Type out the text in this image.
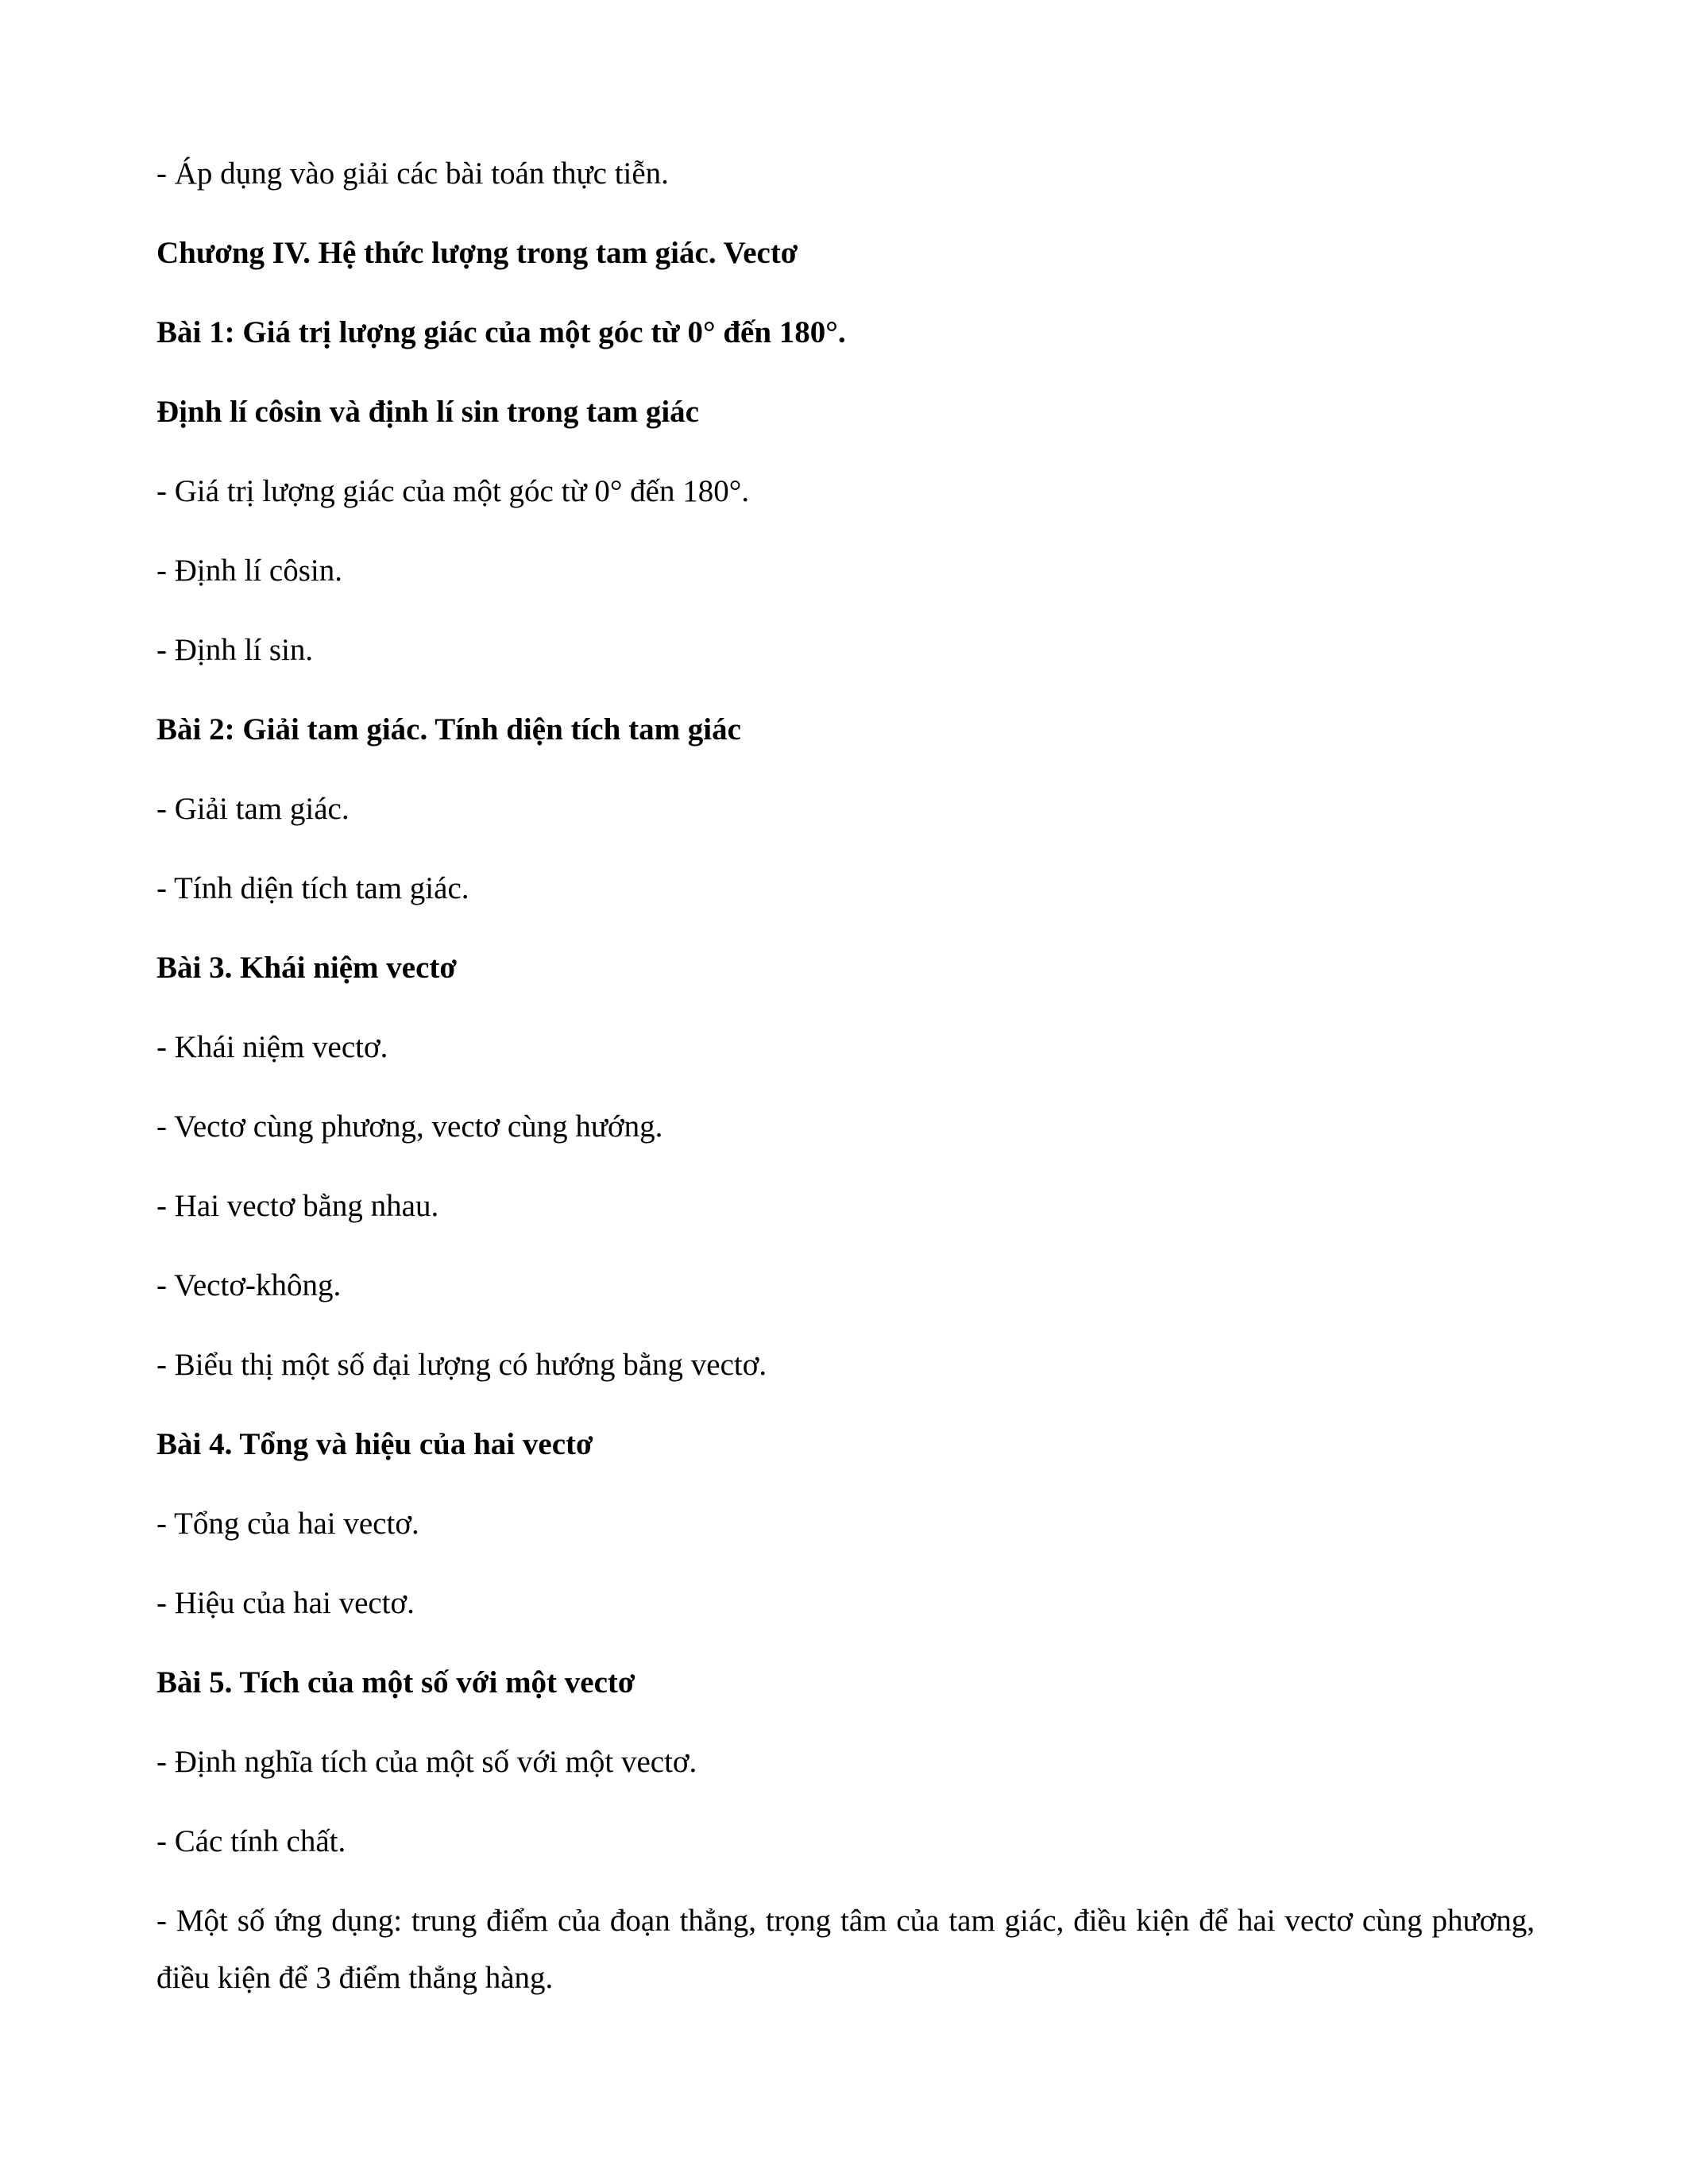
- Áp dụng vào giải các bài toán thực tiễn.

Chương IV. Hệ thức lượng trong tam giác. Vectơ

Bài 1: Giá trị lượng giác của một góc từ 0° đến 180°.

Định lí côsin và định lí sin trong tam giác

- Giá trị lượng giác của một góc từ 0° đến 180°.

- Định lí côsin.

- Định lí sin.

Bài 2: Giải tam giác. Tính diện tích tam giác

- Giải tam giác.

- Tính diện tích tam giác.

Bài 3. Khái niệm vectơ

- Khái niệm vectơ.

- Vectơ cùng phương, vectơ cùng hướng.

- Hai vectơ bằng nhau.

- Vectơ-không.

- Biểu thị một số đại lượng có hướng bằng vectơ.

Bài 4. Tổng và hiệu của hai vectơ

- Tổng của hai vectơ.

- Hiệu của hai vectơ.

Bài 5. Tích của một số với một vectơ

- Định nghĩa tích của một số với một vectơ.

- Các tính chất.

- Một số ứng dụng: trung điểm của đoạn thẳng, trọng tâm của tam giác, điều kiện để hai vectơ cùng phương, điều kiện để 3 điểm thẳng hàng.
